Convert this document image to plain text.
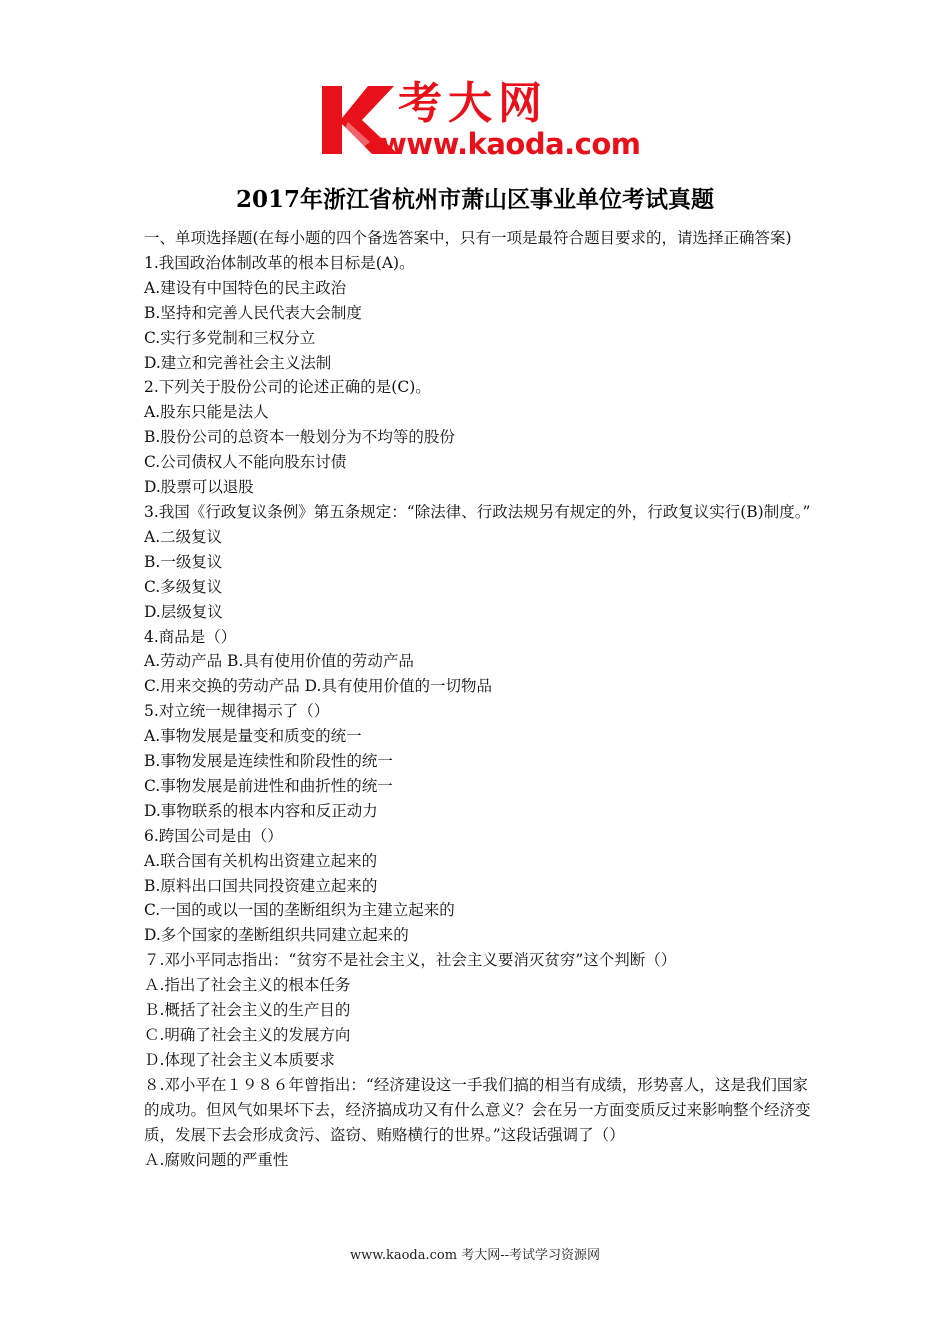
考大网
www.kaoda.com
2017年浙江省杭州市萧山区事业单位考试真题
一、单项选择题(在每小题的四个备选答案中，只有一项是最符合题目要求的，请选择正确答案)
1.我国政治体制改革的根本目标是(A)。
A.建设有中国特色的民主政治
B.坚持和完善人民代表大会制度
C.实行多党制和三权分立
D.建立和完善社会主义法制
2.下列关于股份公司的论述正确的是(C)。
A.股东只能是法人
B.股份公司的总资本一般划分为不均等的股份
C.公司债权人不能向股东讨债
D.股票可以退股
3.我国《行政复议条例》第五条规定：“除法律、行政法规另有规定的外，行政复议实行(B)制度。”
A.二级复议
B.一级复议
C.多级复议
D.层级复议
4.商品是（）
A.劳动产品 B.具有使用价值的劳动产品
C.用来交换的劳动产品 D.具有使用价值的一切物品
5.对立统一规律揭示了（）
A.事物发展是量变和质变的统一
B.事物发展是连续性和阶段性的统一
C.事物发展是前进性和曲折性的统一
D.事物联系的根本内容和反正动力
6.跨国公司是由（）
A.联合国有关机构出资建立起来的
B.原料出口国共同投资建立起来的
C.一国的或以一国的垄断组织为主建立起来的
D.多个国家的垄断组织共同建立起来的
７.邓小平同志指出：“贫穷不是社会主义，社会主义要消灭贫穷”这个判断（）
Ａ.指出了社会主义的根本任务
Ｂ.概括了社会主义的生产目的
Ｃ.明确了社会主义的发展方向
Ｄ.体现了社会主义本质要求
８.邓小平在１９８６年曾指出：“经济建设这一手我们搞的相当有成绩，形势喜人，这是我们国家的成功。但风气如果坏下去，经济搞成功又有什么意义？会在另一方面变质反过来影响整个经济变质，发展下去会形成贪污、盗窃、贿赂横行的世界。”这段话强调了（）
Ａ.腐败问题的严重性
www.kaoda.com 考大网--考试学习资源网
